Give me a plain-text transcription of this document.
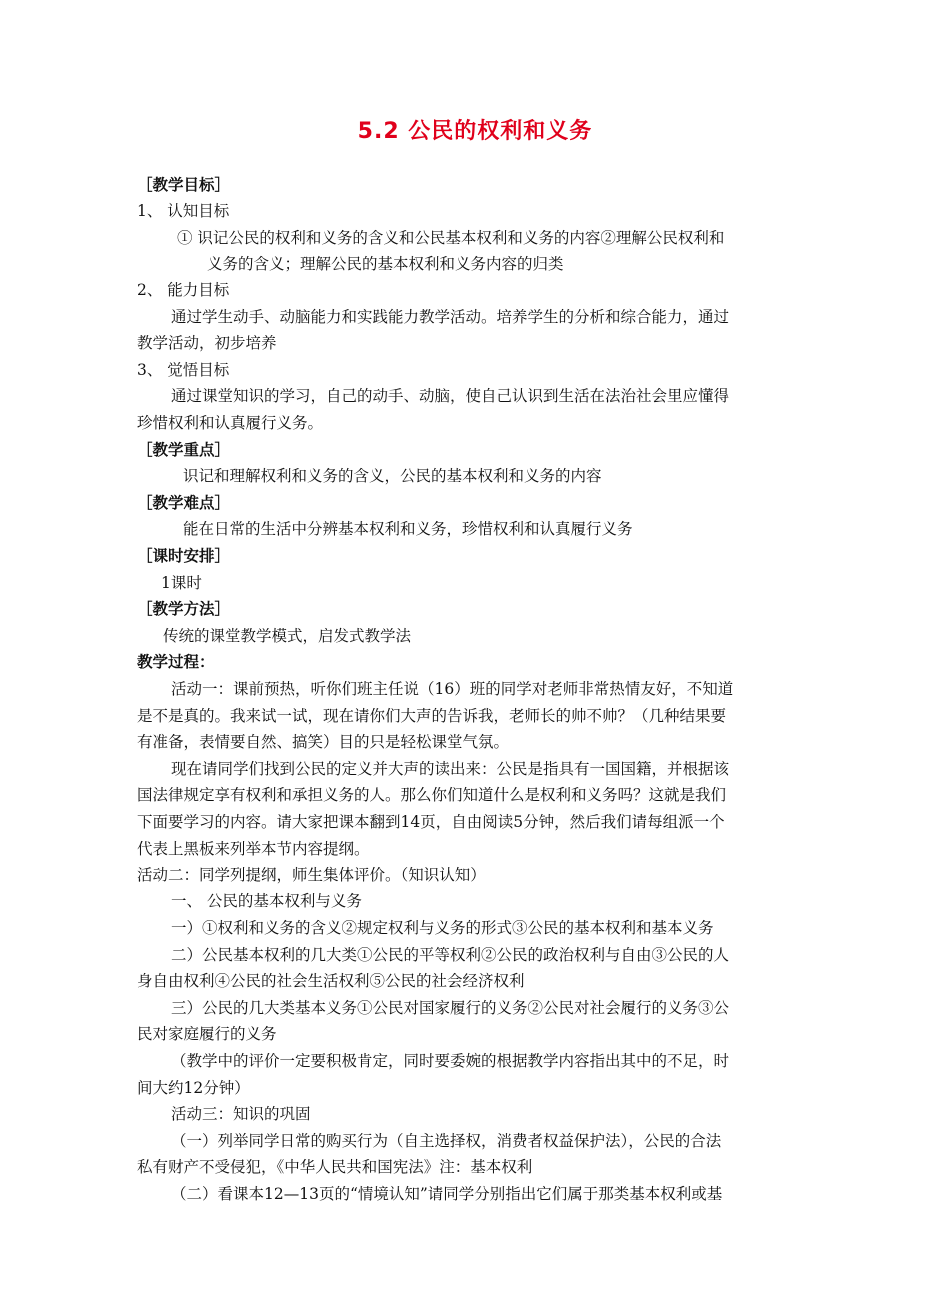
5.2 公民的权利和义务
［教学目标］
1、 认知目标
① 识记公民的权利和义务的含义和公民基本权利和义务的内容②理解公民权利和
义务的含义；理解公民的基本权利和义务内容的归类
2、 能力目标
通过学生动手、动脑能力和实践能力教学活动。培养学生的分析和综合能力，通过
教学活动，初步培养
3、 觉悟目标
通过课堂知识的学习，自己的动手、动脑，使自己认识到生活在法治社会里应懂得
珍惜权利和认真履行义务。
［教学重点］
识记和理解权利和义务的含义，公民的基本权利和义务的内容
［教学难点］
能在日常的生活中分辨基本权利和义务，珍惜权利和认真履行义务
［课时安排］
1课时
［教学方法］
传统的课堂教学模式，启发式教学法
教学过程：
活动一：课前预热，听你们班主任说（16）班的同学对老师非常热情友好，不知道
是不是真的。我来试一试，现在请你们大声的告诉我，老师长的帅不帅？（几种结果要
有准备，表情要自然、搞笑）目的只是轻松课堂气氛。
现在请同学们找到公民的定义并大声的读出来：公民是指具有一国国籍，并根据该
国法律规定享有权利和承担义务的人。那么你们知道什么是权利和义务吗？这就是我们
下面要学习的内容。请大家把课本翻到14页，自由阅读5分钟，然后我们请每组派一个
代表上黑板来列举本节内容提纲。
活动二：同学列提纲，师生集体评价。（知识认知）
一、 公民的基本权利与义务
一）①权利和义务的含义②规定权利与义务的形式③公民的基本权利和基本义务
二）公民基本权利的几大类①公民的平等权利②公民的政治权利与自由③公民的人
身自由权利④公民的社会生活权利⑤公民的社会经济权利
三）公民的几大类基本义务①公民对国家履行的义务②公民对社会履行的义务③公
民对家庭履行的义务
（教学中的评价一定要积极肯定，同时要委婉的根据教学内容指出其中的不足，时
间大约12分钟）
活动三：知识的巩固
（一）列举同学日常的购买行为（自主选择权，消费者权益保护法），公民的合法
私有财产不受侵犯，《中华人民共和国宪法》注：基本权利
（二）看课本12—13页的“情境认知”请同学分别指出它们属于那类基本权利或基
